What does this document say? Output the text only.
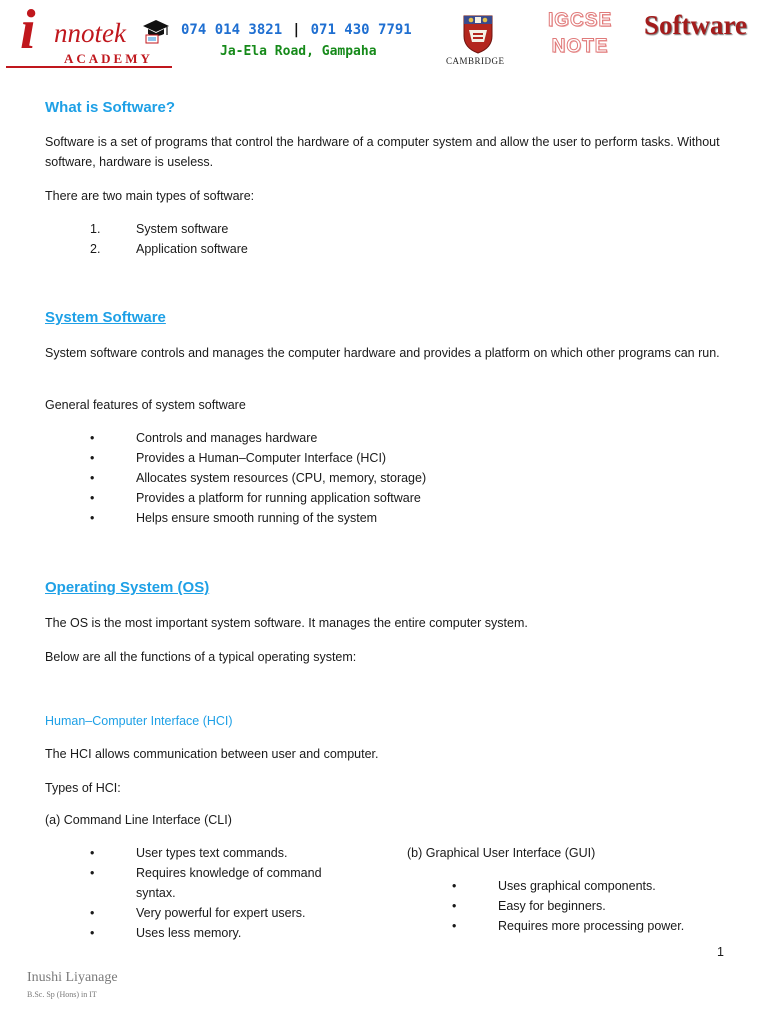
i nnotek
ACADEMY
074 014 3821 | 071 430 7791
Ja-Ela Road, Gampaha
CAMBRIDGE
IGCSE
NOTE
Software
What is Software?

Software is a set of programs that control the hardware of a computer system and allow the user to perform tasks. Without software, hardware is useless.

There are two main types of software:

1.	System software
2.	Application software
System Software

System software controls and manages the computer hardware and provides a platform on which other programs can run.

General features of system software

•	Controls and manages hardware
•	Provides a Human–Computer Interface (HCI)
•	Allocates system resources (CPU, memory, storage)
•	Provides a platform for running application software
•	Helps ensure smooth running of the system
Operating System (OS)

The OS is the most important system software. It manages the entire computer system.

Below are all the functions of a typical operating system:

Human–Computer Interface (HCI)

The HCI allows communication between user and computer.

Types of HCI:

(a) Command Line Interface (CLI)

•	User types text commands.
•	Requires knowledge of command syntax.
•	Very powerful for expert users.
•	Uses less memory.
(b) Graphical User Interface (GUI)
•	Uses graphical components.
•	Easy for beginners.
•	Requires more processing power.
1
Inushi Liyanage
B.Sc. Sp (Hons) in IT
